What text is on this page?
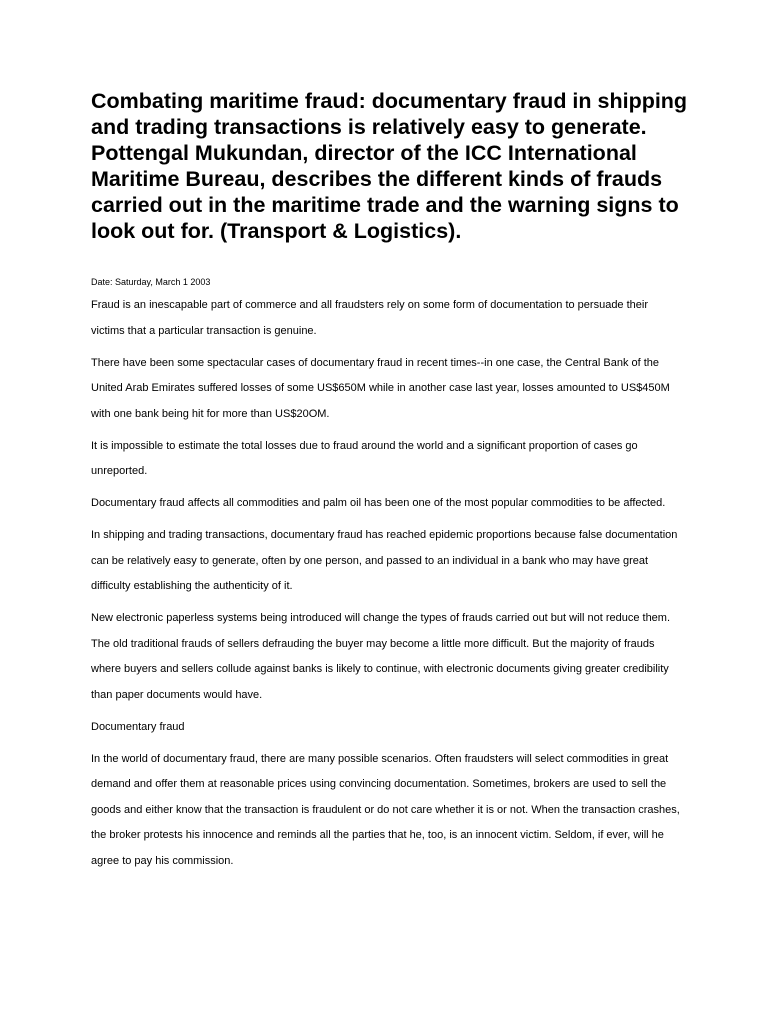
Combating maritime fraud: documentary fraud in shipping and trading transactions is relatively easy to generate. Pottengal Mukundan, director of the ICC International Maritime Bureau, describes the different kinds of frauds carried out in the maritime trade and the warning signs to look out for. (Transport & Logistics).

Date: Saturday, March 1 2003

Fraud is an inescapable part of commerce and all fraudsters rely on some form of documentation to persuade their victims that a particular transaction is genuine.

There have been some spectacular cases of documentary fraud in recent times--in one case, the Central Bank of the United Arab Emirates suffered losses of some US$650M while in another case last year, losses amounted to US$450M with one bank being hit for more than US$20OM.

It is impossible to estimate the total losses due to fraud around the world and a significant proportion of cases go unreported.

Documentary fraud affects all commodities and palm oil has been one of the most popular commodities to be affected.

In shipping and trading transactions, documentary fraud has reached epidemic proportions because false documentation can be relatively easy to generate, often by one person, and passed to an individual in a bank who may have great difficulty establishing the authenticity of it.

New electronic paperless systems being introduced will change the types of frauds carried out but will not reduce them. The old traditional frauds of sellers defrauding the buyer may become a little more difficult. But the majority of frauds where buyers and sellers collude against banks is likely to continue, with electronic documents giving greater credibility than paper documents would have.

Documentary fraud

In the world of documentary fraud, there are many possible scenarios. Often fraudsters will select commodities in great demand and offer them at reasonable prices using convincing documentation. Sometimes, brokers are used to sell the goods and either know that the transaction is fraudulent or do not care whether it is or not. When the transaction crashes, the broker protests his innocence and reminds all the parties that he, too, is an innocent victim. Seldom, if ever, will he agree to pay his commission.
